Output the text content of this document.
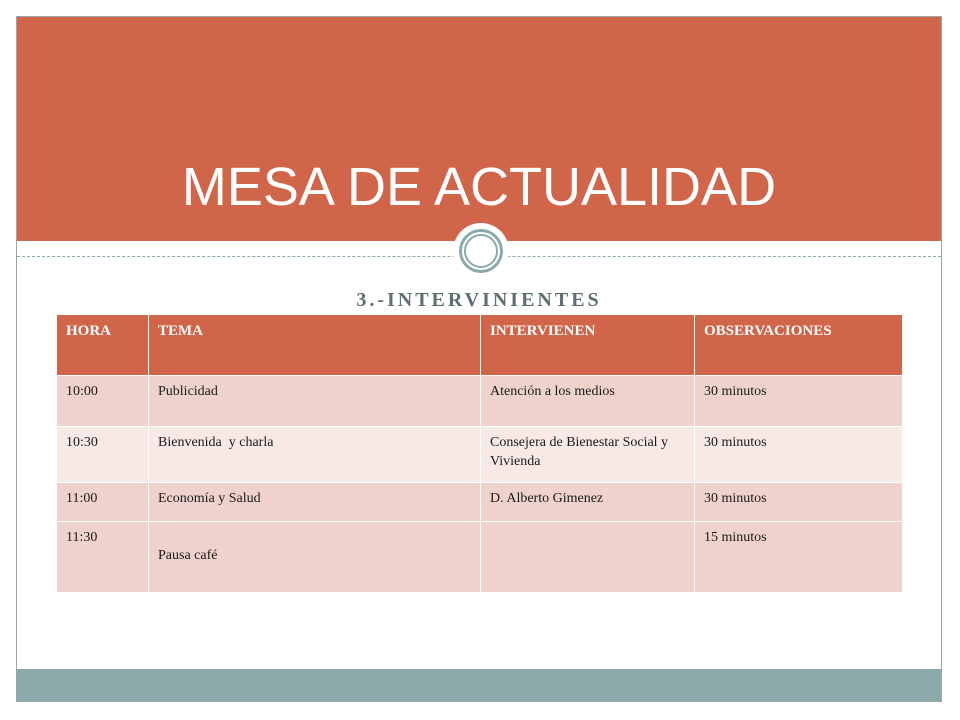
MESA DE ACTUALIDAD
3.-INTERVINIENTES
HORA	TEMA	INTERVIENEN	OBSERVACIONES
10:00	Publicidad	Atención a los medios	30 minutos
10:30	Bienvenida  y charla	Consejera de Bienestar Social y Vivienda	30 minutos
11:00	Economía y Salud	D. Alberto Gimenez	30 minutos
11:30	Pausa café		15 minutos
